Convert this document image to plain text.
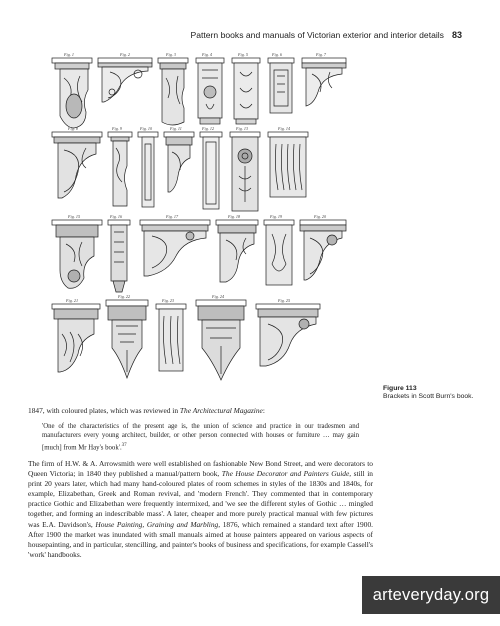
Pattern books and manuals of Victorian exterior and interior details 83
Fig. 1	Fig. 2	Fig. 3	Fig. 4	Fig. 5	Fig. 6	Fig. 7
Fig. 8	Fig. 9	Fig. 10	Fig. 11	Fig. 12	Fig. 13	Fig. 14
Fig. 15	Fig. 16	Fig. 17	Fig. 18	Fig. 19	Fig. 20
Fig. 21
Fig. 22
Fig. 23
Fig. 24
Fig. 25
Figure 113
Brackets in Scott Burn's book.

1847, with coloured plates, which was reviewed in The Architectural Magazine:

'One of the characteristics of the present age is, the union of science and practice in our tradesmen and manufacturers every young architect, builder, or other person connected with houses or furniture … may gain [much] from Mr Hay's book'.$^{37}$

The firm of H.W. & A. Arrowsmith were well established on fashionable New Bond Street, and were decorators to Queen Victoria; in 1840 they published a manual/pattern book, The House Decorator and Painters Guide, still in print 20 years later, which had many hand-coloured plates of room schemes in styles of the 1830s and 1840s, for example, Elizabethan, Greek and Roman revival, and 'modern French'. They commented that in contemporary practice Gothic and Elizabethan were frequently intermixed, and 'we see the different styles of Gothic … mingled together, and forming an indescribable mass'. A later, cheaper and more purely practical manual with few pictures was E.A. Davidson's, House Painting, Graining and Marbling, 1876, which remained a standard text after 1900. After 1900 the market was inundated with small manuals aimed at house painters appeared on various aspects of housepainting, and in particular, stencilling, and painter's books of business and specifications, for example Cassell's 'work' handbooks.

arteveryday.org
